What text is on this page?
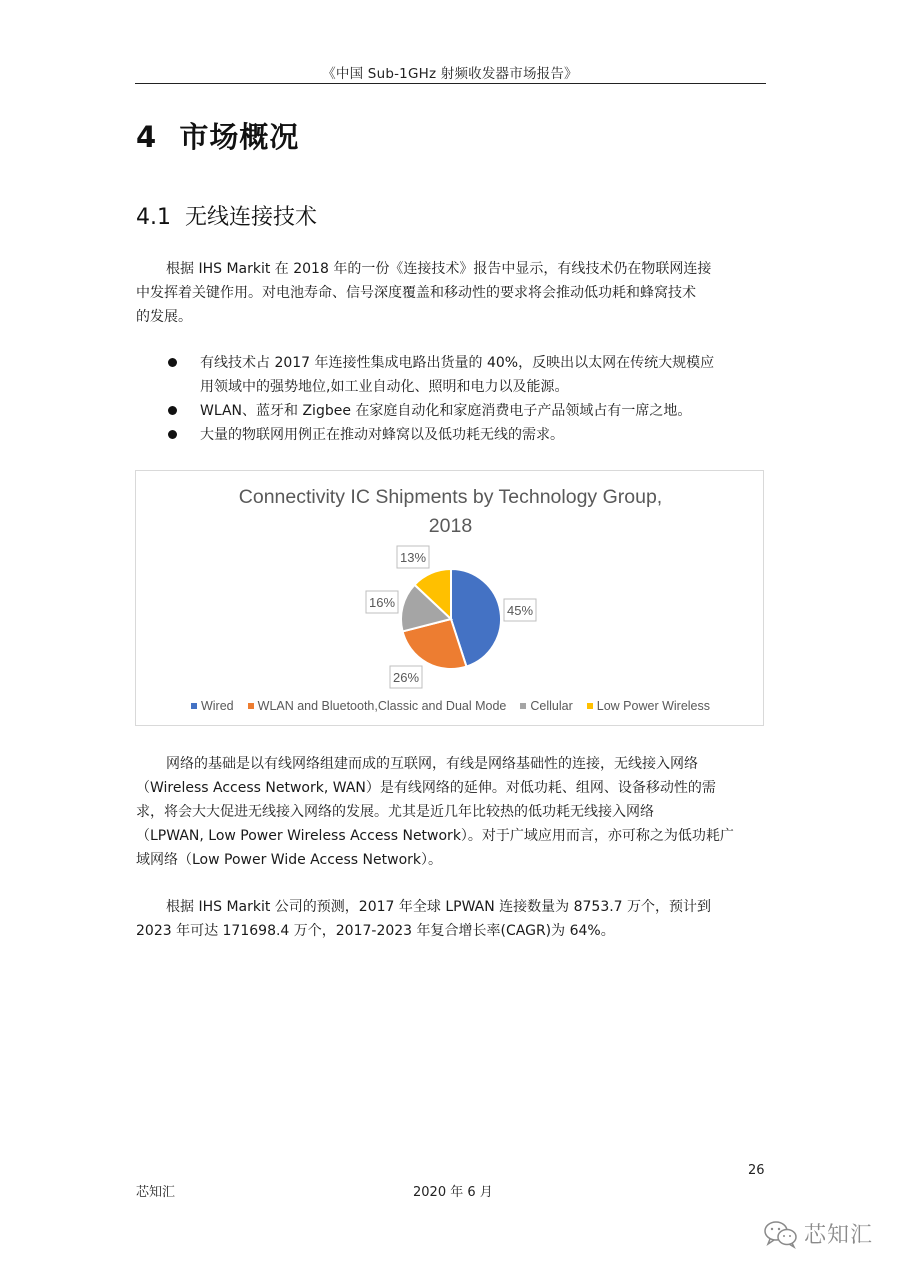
《中国 Sub-1GHz 射频收发器市场报告》
4  市场概况
4.1  无线连接技术
根据 IHS Markit 在 2018 年的一份《连接技术》报告中显示，有线技术仍在物联网连接
中发挥着关键作用。对电池寿命、信号深度覆盖和移动性的要求将会推动低功耗和蜂窝技术
的发展。
有线技术占 2017 年连接性集成电路出货量的 40%，反映出以太网在传统大规模应
用领域中的强势地位,如工业自动化、照明和电力以及能源。
WLAN、蓝牙和 Zigbee 在家庭自动化和家庭消费电子产品领域占有一席之地。
大量的物联网用例正在推动对蜂窝以及低功耗无线的需求。
Connectivity IC Shipments by Technology Group,
2018
45%
26%
16%
13%
Wired WLAN and Bluetooth,Classic and Dual Mode Cellular Low Power Wireless
网络的基础是以有线网络组建而成的互联网，有线是网络基础性的连接，无线接入网络
（Wireless Access Network, WAN）是有线网络的延伸。对低功耗、组网、设备移动性的需
求，将会大大促进无线接入网络的发展。尤其是近几年比较热的低功耗无线接入网络
（LPWAN, Low Power Wireless Access Network）。对于广域应用而言，亦可称之为低功耗广
域网络（Low Power Wide Access Network）。
根据 IHS Markit 公司的预测，2017 年全球 LPWAN 连接数量为 8753.7 万个，预计到
2023 年可达 171698.4 万个，2017-2023 年复合增长率(CAGR)为 64%。
26
芯知汇	2020 年 6 月
芯知汇
